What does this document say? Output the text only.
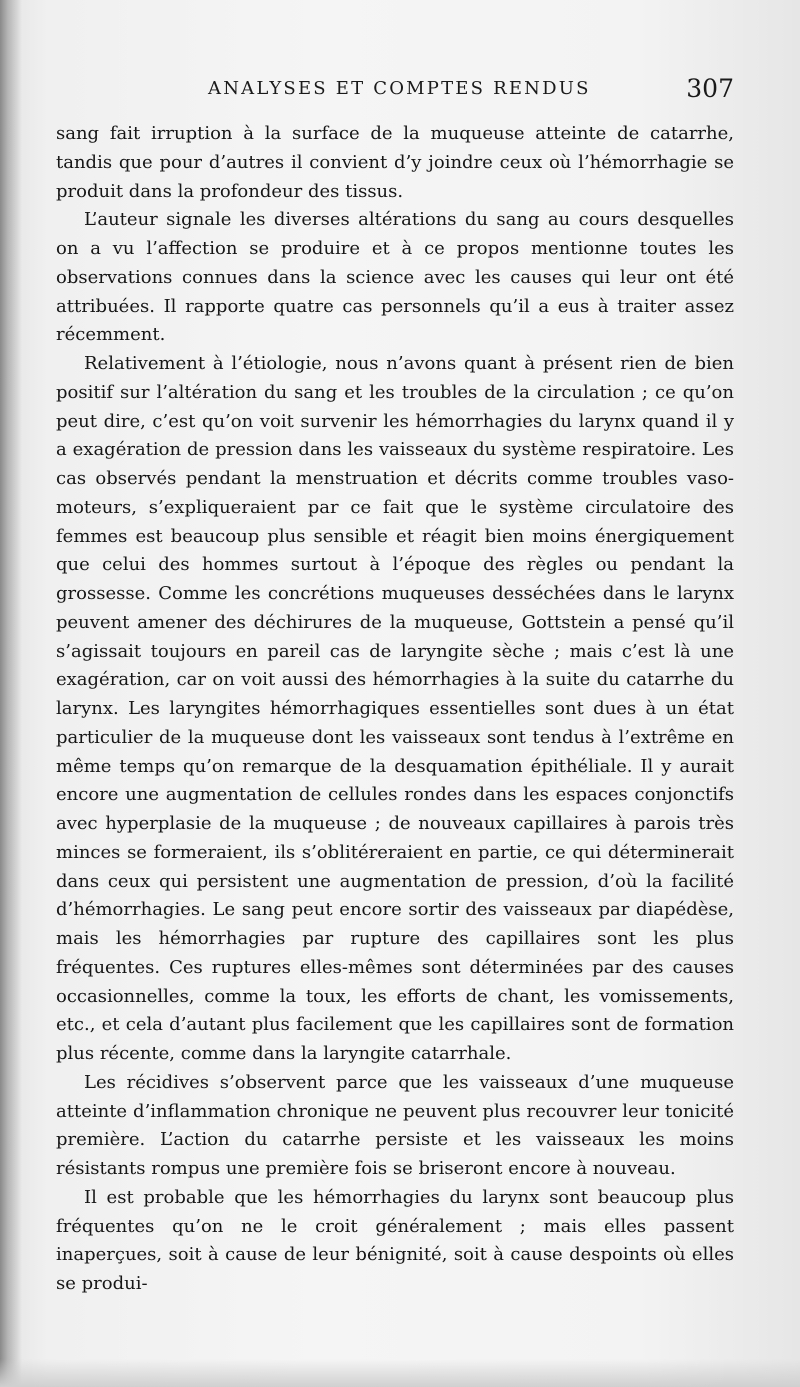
ANALYSES ET COMPTES RENDUS	307

sang fait irruption à la surface de la muqueuse atteinte de catarrhe, tandis que pour d’autres il convient d’y joindre ceux où l’hémorrhagie se produit dans la profondeur des tissus.

L’auteur signale les diverses altérations du sang au cours desquelles on a vu l’affection se produire et à ce propos mentionne toutes les observations connues dans la science avec les causes qui leur ont été attribuées. Il rapporte quatre cas personnels qu’il a eus à traiter assez récemment.

Relativement à l’étiologie, nous n’avons quant à présent rien de bien positif sur l’altération du sang et les troubles de la circulation ; ce qu’on peut dire, c’est qu’on voit survenir les hémorrhagies du larynx quand il y a exagération de pression dans les vaisseaux du système respiratoire. Les cas observés pendant la menstruation et décrits comme troubles vaso-moteurs, s’expliqueraient par ce fait que le système circulatoire des femmes est beaucoup plus sensible et réagit bien moins énergiquement que celui des hommes surtout à l’époque des règles ou pendant la grossesse. Comme les concrétions muqueuses desséchées dans le larynx peuvent amener des déchirures de la muqueuse, Gottstein a pensé qu’il s’agissait toujours en pareil cas de laryngite sèche ; mais c’est là une exagération, car on voit aussi des hémorrhagies à la suite du catarrhe du larynx. Les laryngites hémorrhagiques essentielles sont dues à un état particulier de la muqueuse dont les vaisseaux sont tendus à l’extrême en même temps qu’on remarque de la desquamation épithéliale. Il y aurait encore une augmentation de cellules rondes dans les espaces conjonctifs avec hyperplasie de la muqueuse ; de nouveaux capillaires à parois très minces se formeraient, ils s’oblitéreraient en partie, ce qui déterminerait dans ceux qui persistent une augmentation de pression, d’où la facilité d’hémorrhagies. Le sang peut encore sortir des vaisseaux par diapédèse, mais les hémorrhagies par rupture des capillaires sont les plus fréquentes. Ces ruptures elles-mêmes sont déterminées par des causes occasionnelles, comme la toux, les efforts de chant, les vomissements, etc., et cela d’autant plus facilement que les capillaires sont de formation plus récente, comme dans la laryngite catarrhale.

Les récidives s’observent parce que les vaisseaux d’une muqueuse atteinte d’inflammation chronique ne peuvent plus recouvrer leur tonicité première. L’action du catarrhe persiste et les vaisseaux les moins résistants rompus une première fois se briseront encore à nouveau.

Il est probable que les hémorrhagies du larynx sont beaucoup plus fréquentes qu’on ne le croit généralement ; mais elles passent inaperçues, soit à cause de leur bénignité, soit à cause despoints où elles se produi-
